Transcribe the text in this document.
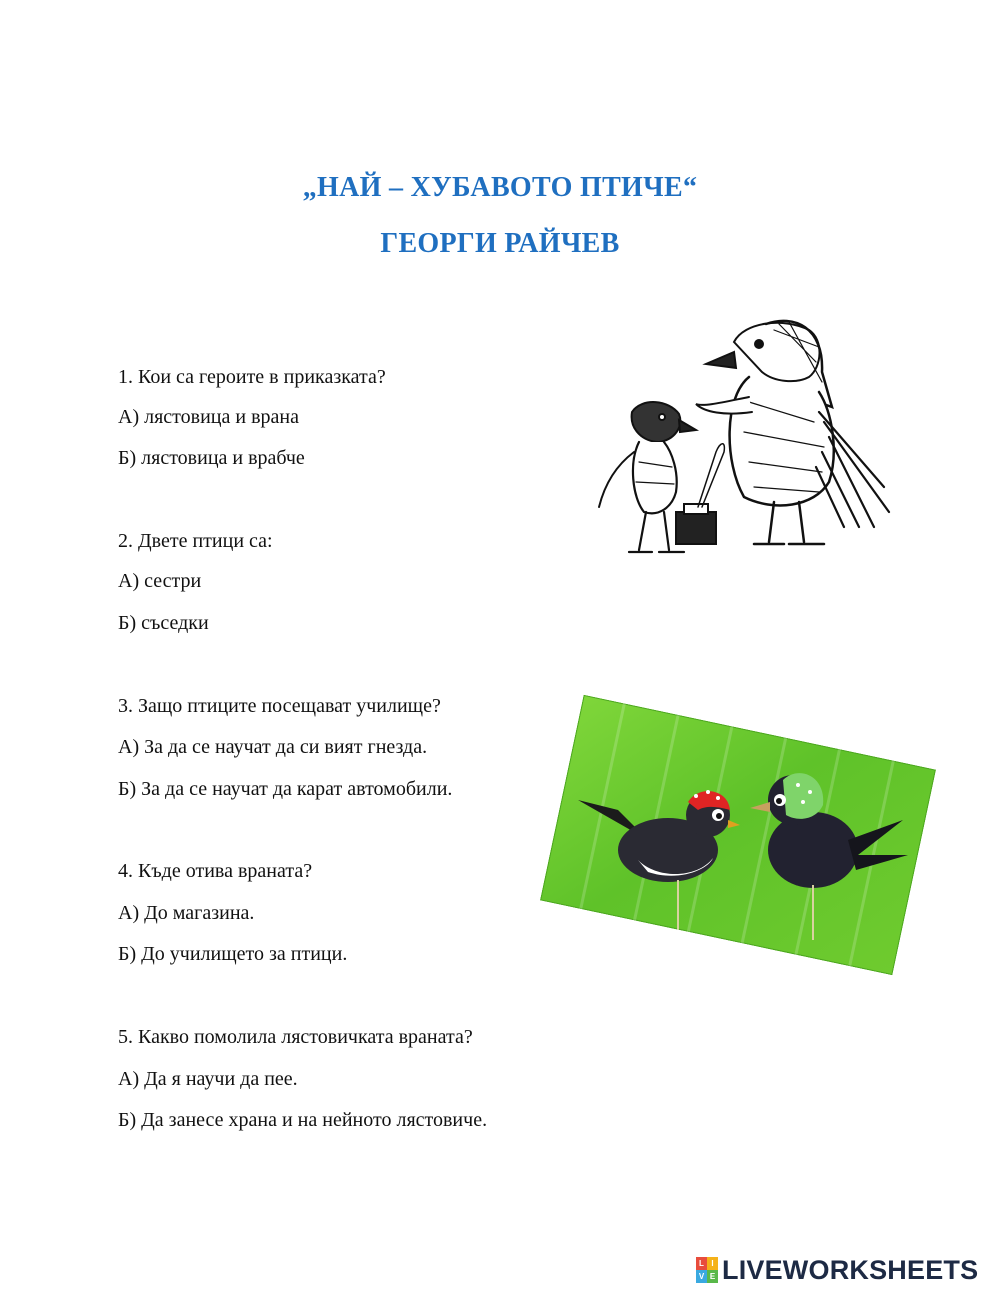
„НАЙ – ХУБАВОТО ПТИЧЕ“
ГЕОРГИ РАЙЧЕВ
1. Кои са героите в приказката?
А) лястовица и врана
Б) лястовица и врабче
2. Двете птици са:
А) сестри
Б) съседки
3. Защо птиците посещават училище?
А) За да се научат да си вият гнезда.
Б) За да се научат да карат автомобили.
4. Къде отива враната?
А) До магазина.
Б) До училището за птици.
5. Какво помолила лястовичката враната?
А) Да я научи да пее.
Б) Да занесе храна и на нейното лястовиче.
L I
V E LIVEWORKSHEETS
